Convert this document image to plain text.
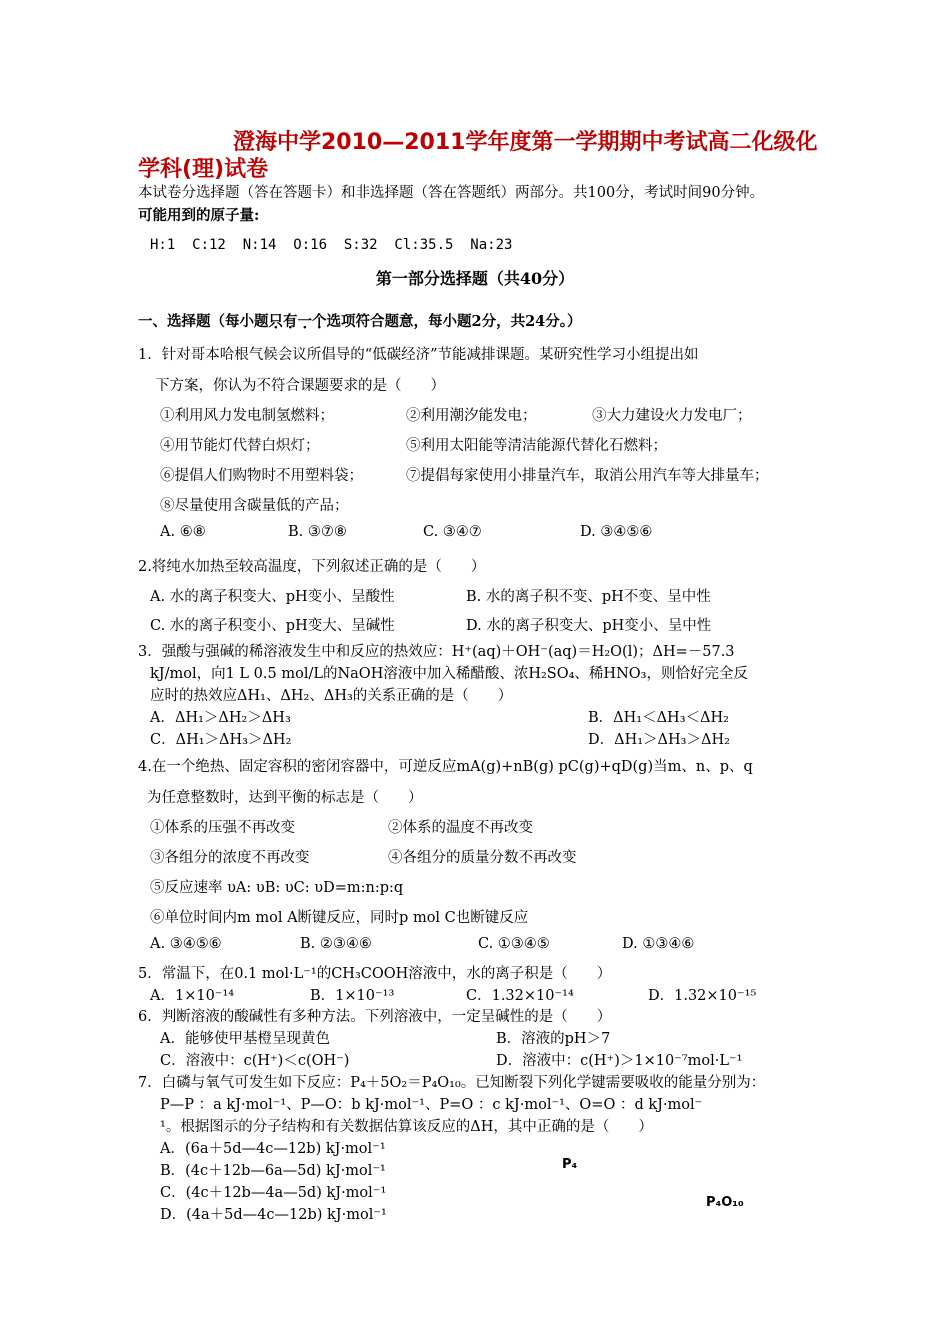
澄海中学2010—2011学年度第一学期期中考试高二化级化
学科(理)试卷
本试卷分选择题（答在答题卡）和非选择题（答在答题纸）两部分。共100分，考试时间90分钟。
可能用到的原子量:
H:1  C:12  N:14  O:16  S:32  Cl:35.5  Na:23
第一部分选择题（共40分）
一、选择题（每小题只有一个选项符合题意，每小题2分，共24分。）
1．针对哥本哈根气候会议所倡导的“低碳经济”节能减排课题。某研究性学习小组提出如
下方案，你认为不符合课题要求的是（　　）
①利用风力发电制氢燃料；	②利用潮汐能发电；	③大力建设火力发电厂；
④用节能灯代替白炽灯；	⑤利用太阳能等清洁能源代替化石燃料；
⑥提倡人们购物时不用塑料袋；	⑦提倡每家使用小排量汽车，取消公用汽车等大排量车；
⑧尽量使用含碳量低的产品；
A. ⑥⑧	B. ③⑦⑧	C. ③④⑦	D. ③④⑤⑥
2.将纯水加热至较高温度，下列叙述正确的是（　　）
A. 水的离子积变大、pH变小、呈酸性	B. 水的离子积不变、pH不变、呈中性
C. 水的离子积变小、pH变大、呈碱性	D. 水的离子积变大、pH变小、呈中性
3．强酸与强碱的稀溶液发生中和反应的热效应：H⁺(aq)＋OH⁻(aq)＝H₂O(l)；ΔH=－57.3
kJ/mol，向1 L 0.5 mol/L的NaOH溶液中加入稀醋酸、浓H₂SO₄、稀HNO₃，则恰好完全反
应时的热效应ΔH₁、ΔH₂、ΔH₃的关系正确的是（　　）
A．ΔH₁＞ΔH₂＞ΔH₃	B．ΔH₁＜ΔH₃＜ΔH₂
C．ΔH₁＞ΔH₃＞ΔH₂	D．ΔH₁＞ΔH₃＞ΔH₂
4.在一个绝热、固定容积的密闭容器中，可逆反应mA(g)+nB(g) pC(g)+qD(g)当m、n、p、q
为任意整数时，达到平衡的标志是（　　）
①体系的压强不再改变	②体系的温度不再改变
③各组分的浓度不再改变	④各组分的质量分数不再改变
⑤反应速率 υA: υB: υC: υD=m:n:p:q
⑥单位时间内m mol A断键反应，同时p mol C也断键反应
A. ③④⑤⑥	B. ②③④⑥	C. ①③④⑤	D. ①③④⑥
5．常温下，在0.1 mol·L⁻¹的CH₃COOH溶液中，水的离子积是（　　）
A．1×10⁻¹⁴	B．1×10⁻¹³	C．1.32×10⁻¹⁴	D．1.32×10⁻¹⁵
6．判断溶液的酸碱性有多种方法。下列溶液中，一定呈碱性的是（　　）
A．能够使甲基橙呈现黄色	B．溶液的pH＞7
C．溶液中：c(H⁺)＜c(OH⁻)	D．溶液中：c(H⁺)＞1×10⁻⁷mol·L⁻¹
7．白磷与氧气可发生如下反应：P₄＋5O₂＝P₄O₁₀。已知断裂下列化学键需要吸收的能量分别为：
P—P ：a kJ·mol⁻¹、P—O：b kJ·mol⁻¹、P=O ：c kJ·mol⁻¹、O=O ：d kJ·mol⁻
¹。根据图示的分子结构和有关数据估算该反应的ΔH，其中正确的是（　　）
A．(6a＋5d—4c—12b) kJ·mol⁻¹
B．(4c＋12b—6a—5d) kJ·mol⁻¹
C．(4c＋12b—4a—5d) kJ·mol⁻¹
D．(4a＋5d—4c—12b) kJ·mol⁻¹
P₄
P₄O₁₀
